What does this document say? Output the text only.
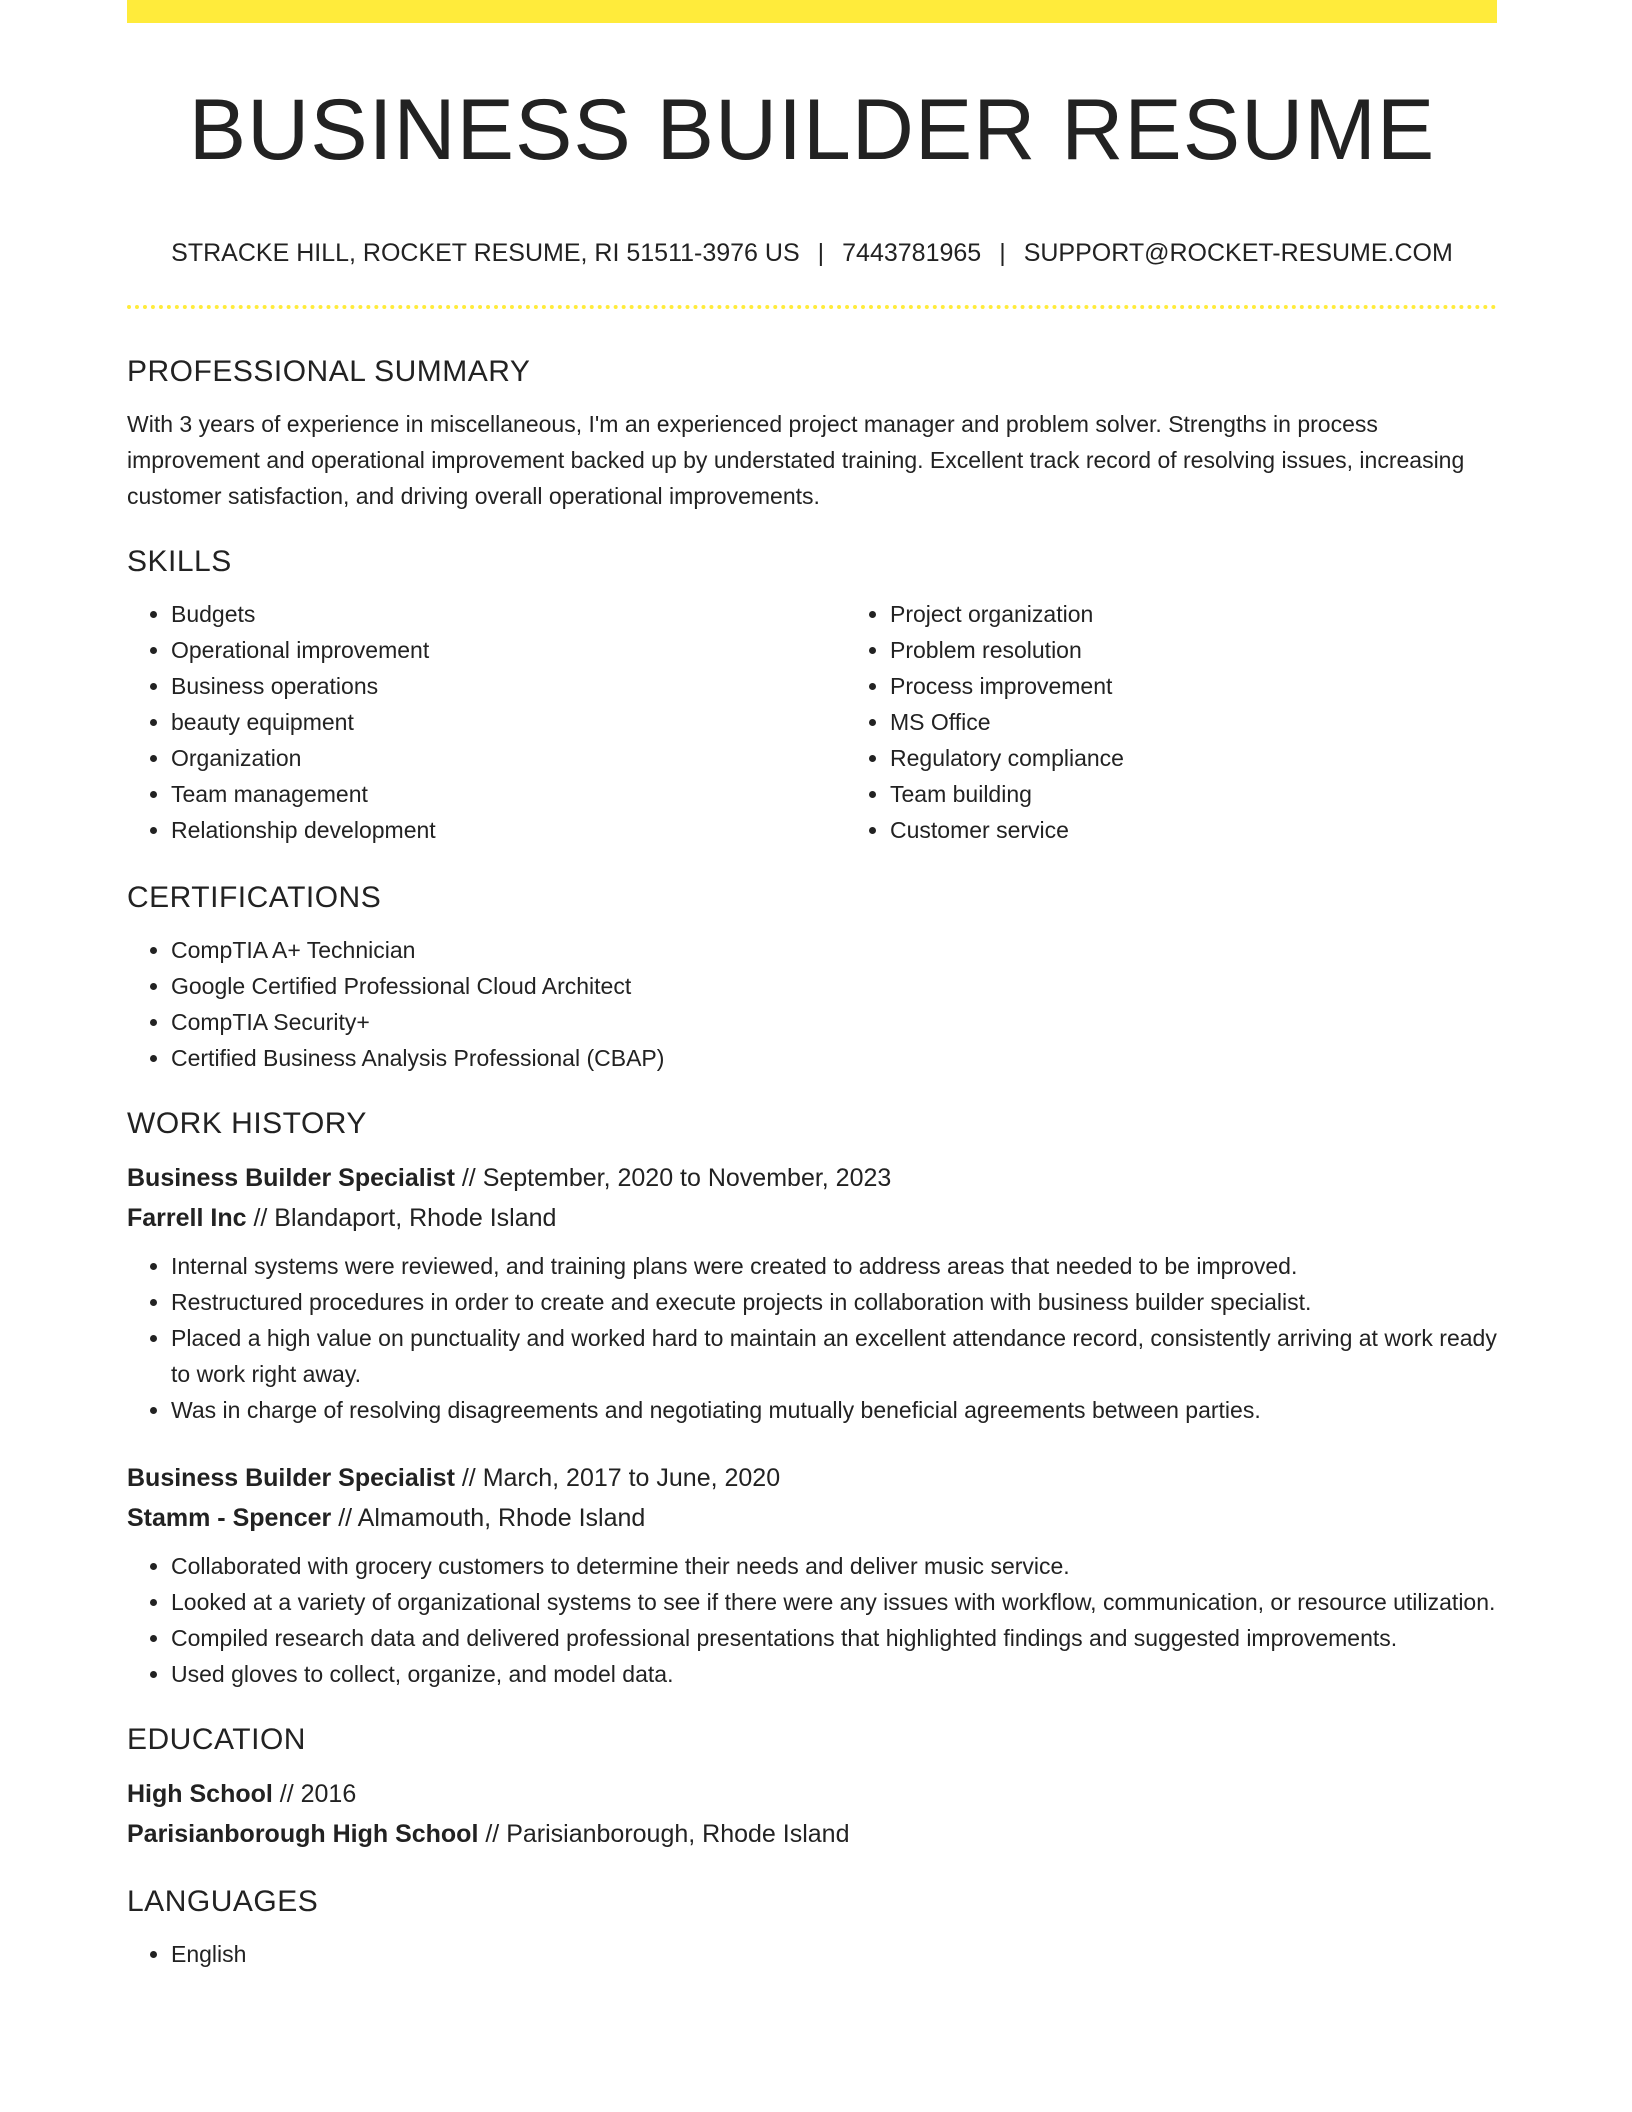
BUSINESS BUILDER RESUME
STRACKE HILL, ROCKET RESUME, RI 51511-3976 US | 7443781965 | SUPPORT@ROCKET-RESUME.COM
PROFESSIONAL SUMMARY

With 3 years of experience in miscellaneous, I'm an experienced project manager and problem solver. Strengths in process improvement and operational improvement backed up by understated training. Excellent track record of resolving issues, increasing customer satisfaction, and driving overall operational improvements.

SKILLS
• Budgets
• Operational improvement
• Business operations
• beauty equipment
• Organization
• Team management
• Relationship development
• Project organization
• Problem resolution
• Process improvement
• MS Office
• Regulatory compliance
• Team building
• Customer service
CERTIFICATIONS
• CompTIA A+ Technician
• Google Certified Professional Cloud Architect
• CompTIA Security+
• Certified Business Analysis Professional (CBAP)
WORK HISTORY
Business Builder Specialist // September, 2020 to November, 2023
Farrell Inc // Blandaport, Rhode Island
• Internal systems were reviewed, and training plans were created to address areas that needed to be improved.
• Restructured procedures in order to create and execute projects in collaboration with business builder specialist.
• Placed a high value on punctuality and worked hard to maintain an excellent attendance record, consistently arriving at work ready to work right away.
• Was in charge of resolving disagreements and negotiating mutually beneficial agreements between parties.
Business Builder Specialist // March, 2017 to June, 2020
Stamm - Spencer // Almamouth, Rhode Island
• Collaborated with grocery customers to determine their needs and deliver music service.
• Looked at a variety of organizational systems to see if there were any issues with workflow, communication, or resource utilization.
• Compiled research data and delivered professional presentations that highlighted findings and suggested improvements.
• Used gloves to collect, organize, and model data.
EDUCATION
High School // 2016
Parisianborough High School // Parisianborough, Rhode Island
LANGUAGES
• English
